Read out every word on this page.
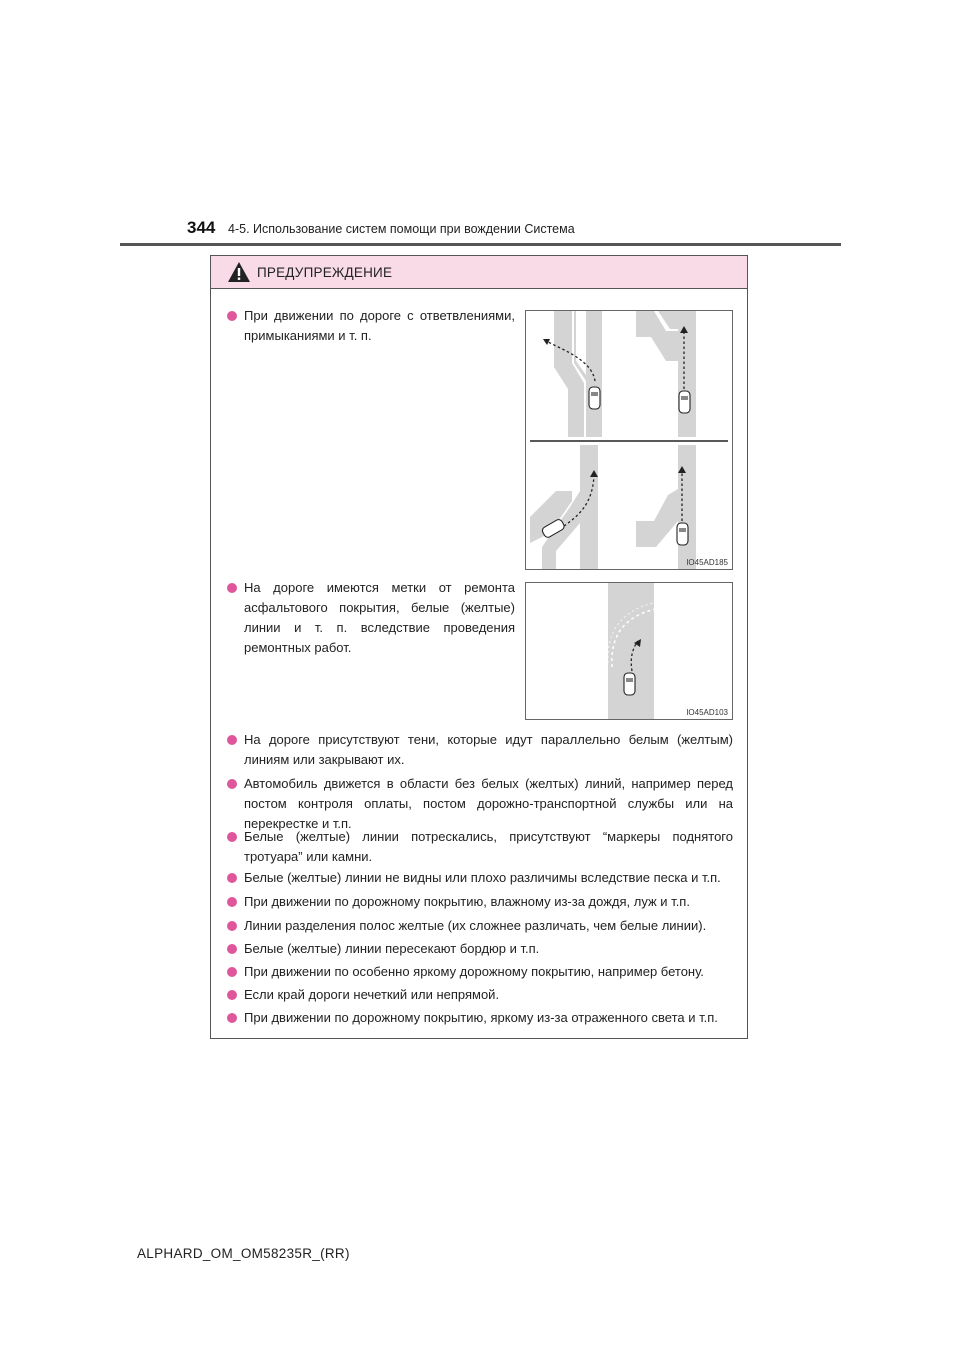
344 4-5. Использование систем помощи при вождении Система
ПРЕДУПРЕЖДЕНИЕ
При движении по дороге с ответвлениями, примыканиями и т. п.
IO45AD185
На дороге имеются метки от ремонта асфальтового покрытия, белые (желтые) линии и т. п. вследствие проведения ремонтных работ.
IO45AD103
На дороге присутствуют тени, которые идут параллельно белым (желтым) линиям или закрывают их.
Автомобиль движется в области без белых (желтых) линий, например перед постом контроля оплаты, постом дорожно-транспортной службы или на перекрестке и т.п.
Белые (желтые) линии потрескались, присутствуют “маркеры поднятого тротуара” или камни.
Белые (желтые) линии не видны или плохо различимы вследствие песка и т.п.
При движении по дорожному покрытию, влажному из-за дождя, луж и т.п.
Линии разделения полос желтые (их сложнее различать, чем белые линии).
Белые (желтые) линии пересекают бордюр и т.п.
При движении по особенно яркому дорожному покрытию, например бетону.
Если край дороги нечеткий или непрямой.
При движении по дорожному покрытию, яркому из-за отраженного света и т.п.
ALPHARD_OM_OM58235R_(RR)
